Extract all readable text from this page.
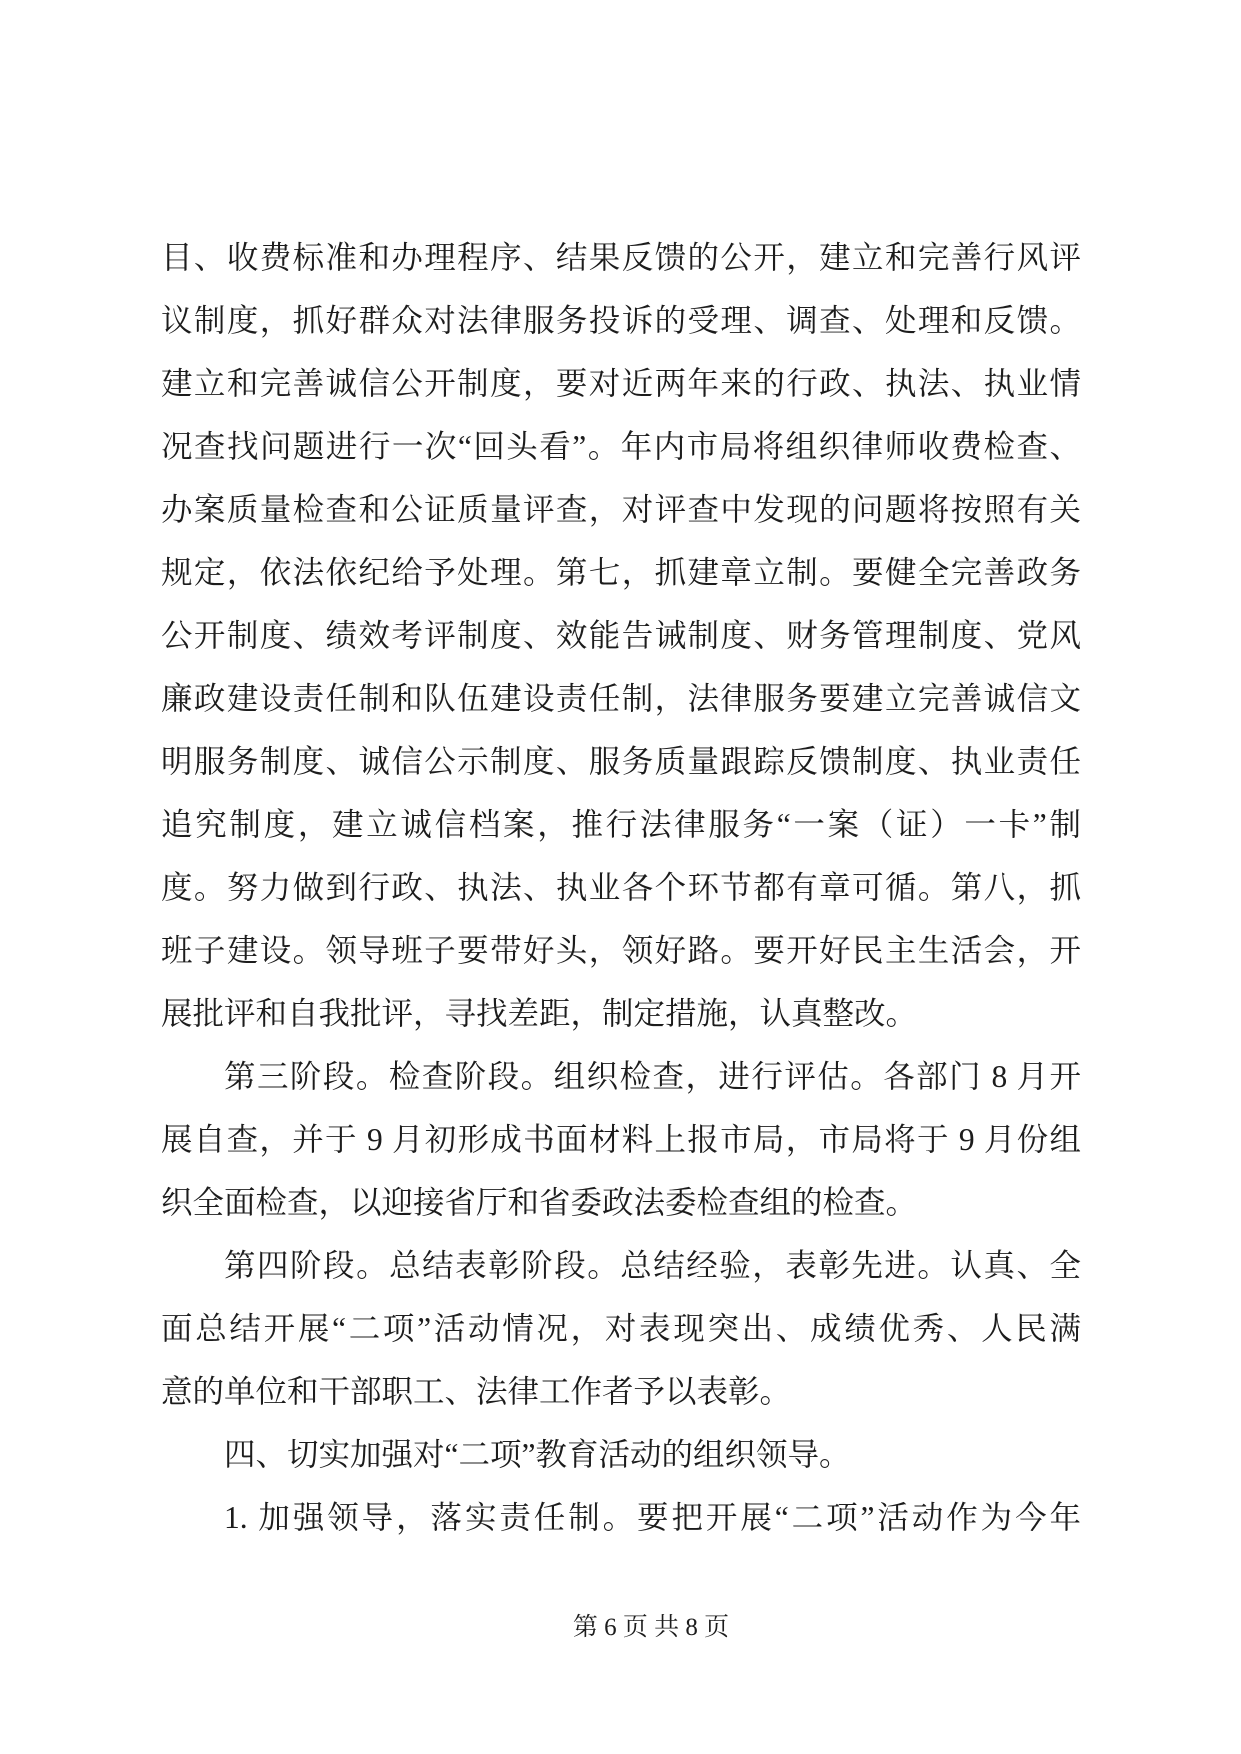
目、收费标准和办理程序、结果反馈的公开，建立和完善行风评
议制度，抓好群众对法律服务投诉的受理、调查、处理和反馈。
建立和完善诚信公开制度，要对近两年来的行政、执法、执业情
况查找问题进行一次“回头看”。年内市局将组织律师收费检查、
办案质量检查和公证质量评查，对评查中发现的问题将按照有关
规定，依法依纪给予处理。第七，抓建章立制。要健全完善政务
公开制度、绩效考评制度、效能告诫制度、财务管理制度、党风
廉政建设责任制和队伍建设责任制，法律服务要建立完善诚信文
明服务制度、诚信公示制度、服务质量跟踪反馈制度、执业责任
追究制度，建立诚信档案，推行法律服务“一案（证）一卡”制
度。努力做到行政、执法、执业各个环节都有章可循。第八，抓
班子建设。领导班子要带好头，领好路。要开好民主生活会，开
展批评和自我批评，寻找差距，制定措施，认真整改。
第三阶段。检查阶段。组织检查，进行评估。各部门 8 月开
展自查，并于 9 月初形成书面材料上报市局，市局将于 9 月份组
织全面检查，以迎接省厅和省委政法委检查组的检查。
第四阶段。总结表彰阶段。总结经验，表彰先进。认真、全
面总结开展“二项”活动情况，对表现突出、成绩优秀、人民满
意的单位和干部职工、法律工作者予以表彰。
四、切实加强对“二项”教育活动的组织领导。
1. 加强领导，落实责任制。要把开展“二项”活动作为今年
第 6 页 共 8 页
